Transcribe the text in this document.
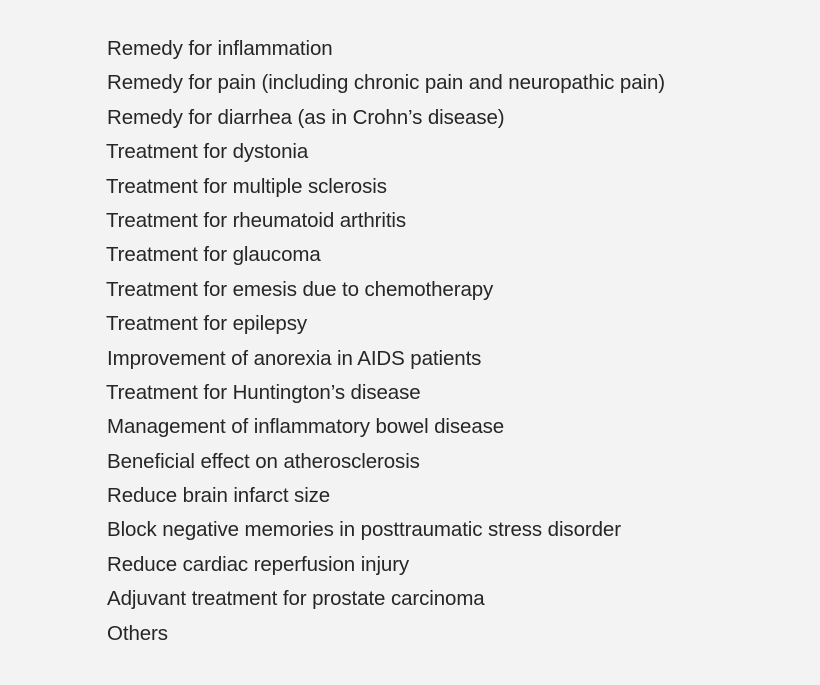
Remedy for inflammation
Remedy for pain (including chronic pain and neuropathic pain)
Remedy for diarrhea (as in Crohn’s disease)
Treatment for dystonia
Treatment for multiple sclerosis
Treatment for rheumatoid arthritis
Treatment for glaucoma
Treatment for emesis due to chemotherapy
Treatment for epilepsy
Improvement of anorexia in AIDS patients
Treatment for Huntington’s disease
Management of inflammatory bowel disease
Beneficial effect on atherosclerosis
Reduce brain infarct size
Block negative memories in posttraumatic stress disorder
Reduce cardiac reperfusion injury
Adjuvant treatment for prostate carcinoma
Others
